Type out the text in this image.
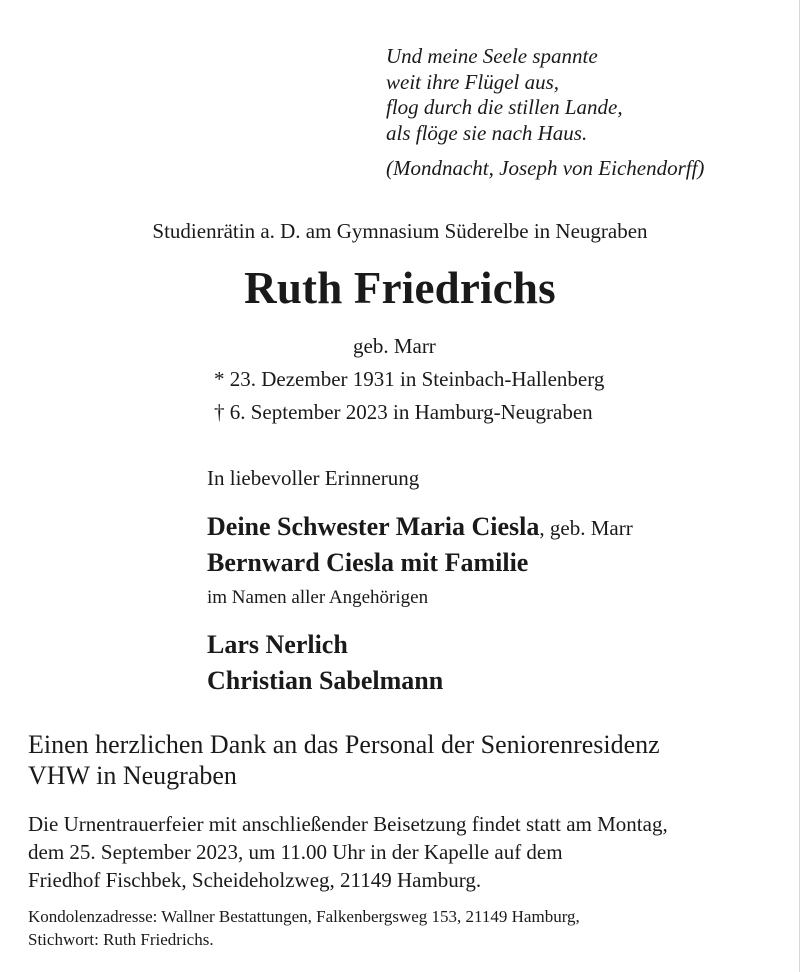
Und meine Seele spannte
weit ihre Flügel aus,
flog durch die stillen Lande,
als flöge sie nach Haus.
(Mondnacht, Joseph von Eichendorff)
Studienrätin a. D. am Gymnasium Süderelbe in Neugraben
Ruth Friedrichs
geb. Marr
* 23. Dezember 1931 in Steinbach-Hallenberg
† 6. September 2023 in Hamburg-Neugraben
In liebevoller Erinnerung
Deine Schwester Maria Ciesla, geb. Marr
Bernward Ciesla mit Familie
im Namen aller Angehörigen
Lars Nerlich
Christian Sabelmann
Einen herzlichen Dank an das Personal der Seniorenresidenz
VHW in Neugraben
Die Urnentrauerfeier mit anschließender Beisetzung findet statt am Montag,
dem 25. September 2023, um 11.00 Uhr in der Kapelle auf dem
Friedhof Fischbek, Scheideholzweg, 21149 Hamburg.
Kondolenzadresse: Wallner Bestattungen, Falkenbergsweg 153, 21149 Hamburg,
Stichwort: Ruth Friedrichs.
